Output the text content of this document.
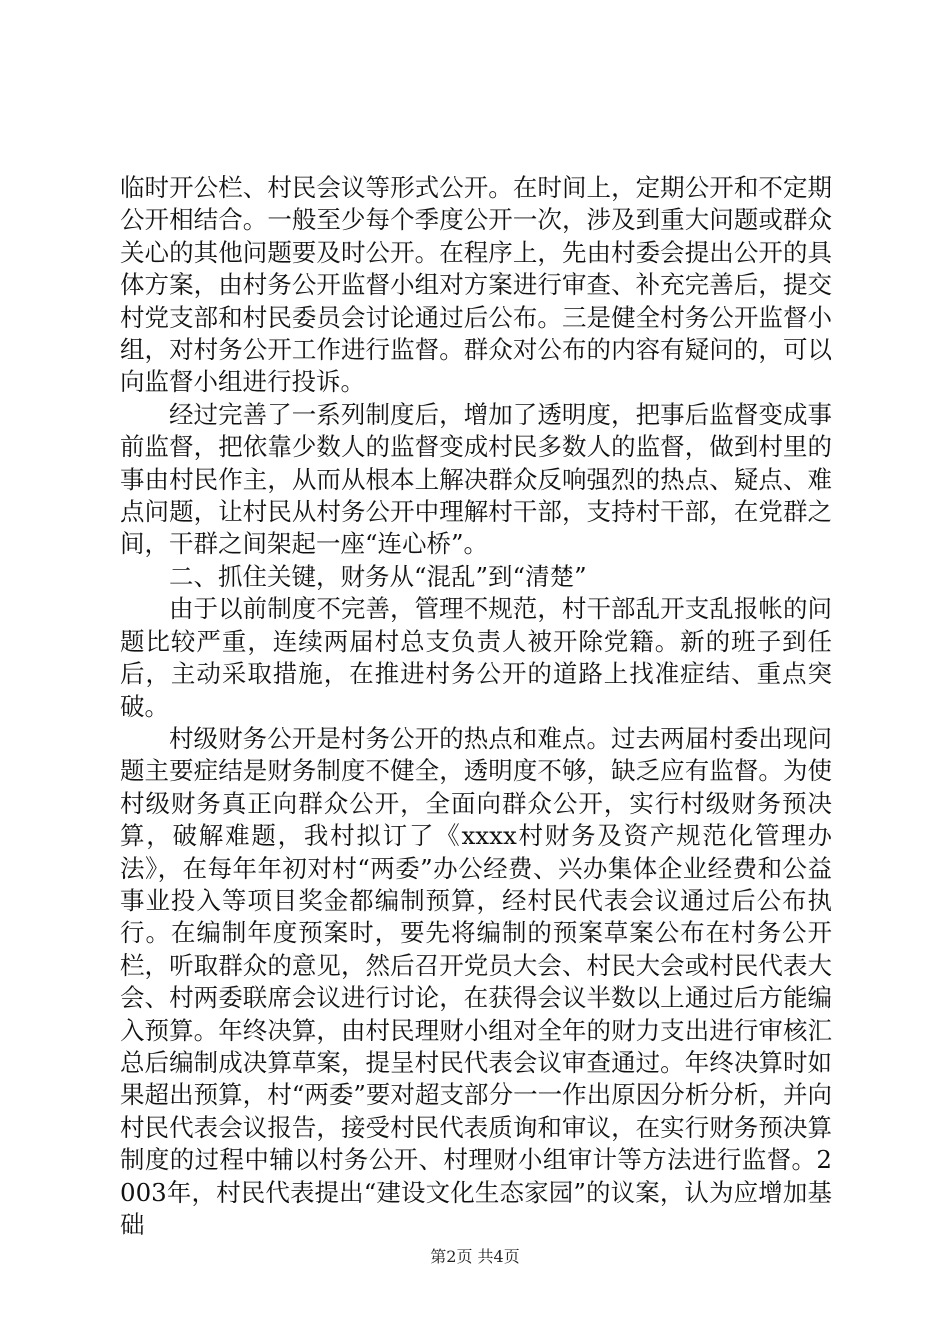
临时开公栏、村民会议等形式公开。在时间上，定期公开和不定期公开相结合。一般至少每个季度公开一次，涉及到重大问题或群众关心的其他问题要及时公开。在程序上，先由村委会提出公开的具体方案，由村务公开监督小组对方案进行审查、补充完善后，提交村党支部和村民委员会讨论通过后公布。三是健全村务公开监督小组，对村务公开工作进行监督。群众对公布的内容有疑问的，可以向监督小组进行投诉。

经过完善了一系列制度后，增加了透明度，把事后监督变成事前监督，把依靠少数人的监督变成村民多数人的监督，做到村里的事由村民作主，从而从根本上解决群众反响强烈的热点、疑点、难点问题，让村民从村务公开中理解村干部，支持村干部，在党群之间，干群之间架起一座“连心桥”。

二、抓住关键，财务从“混乱”到“清楚”

由于以前制度不完善，管理不规范，村干部乱开支乱报帐的问题比较严重，连续两届村总支负责人被开除党籍。新的班子到任后，主动采取措施，在推进村务公开的道路上找准症结、重点突破。

村级财务公开是村务公开的热点和难点。过去两届村委出现问题主要症结是财务制度不健全，透明度不够，缺乏应有监督。为使村级财务真正向群众公开，全面向群众公开，实行村级财务预决算，破解难题，我村拟订了《xxxx村财务及资产规范化管理办法》，在每年年初对村“两委”办公经费、兴办集体企业经费和公益事业投入等项目奖金都编制预算，经村民代表会议通过后公布执行。在编制年度预案时，要先将编制的预案草案公布在村务公开栏，听取群众的意见，然后召开党员大会、村民大会或村民代表大会、村两委联席会议进行讨论，在获得会议半数以上通过后方能编入预算。年终决算，由村民理财小组对全年的财力支出进行审核汇总后编制成决算草案，提呈村民代表会议审查通过。年终决算时如果超出预算，村“两委”要对超支部分一一作出原因分析分析，并向村民代表会议报告，接受村民代表质询和审议，在实行财务预决算制度的过程中辅以村务公开、村理财小组审计等方法进行监督。2003年，村民代表提出“建设文化生态家园”的议案，认为应增加基础

第2页 共4页
